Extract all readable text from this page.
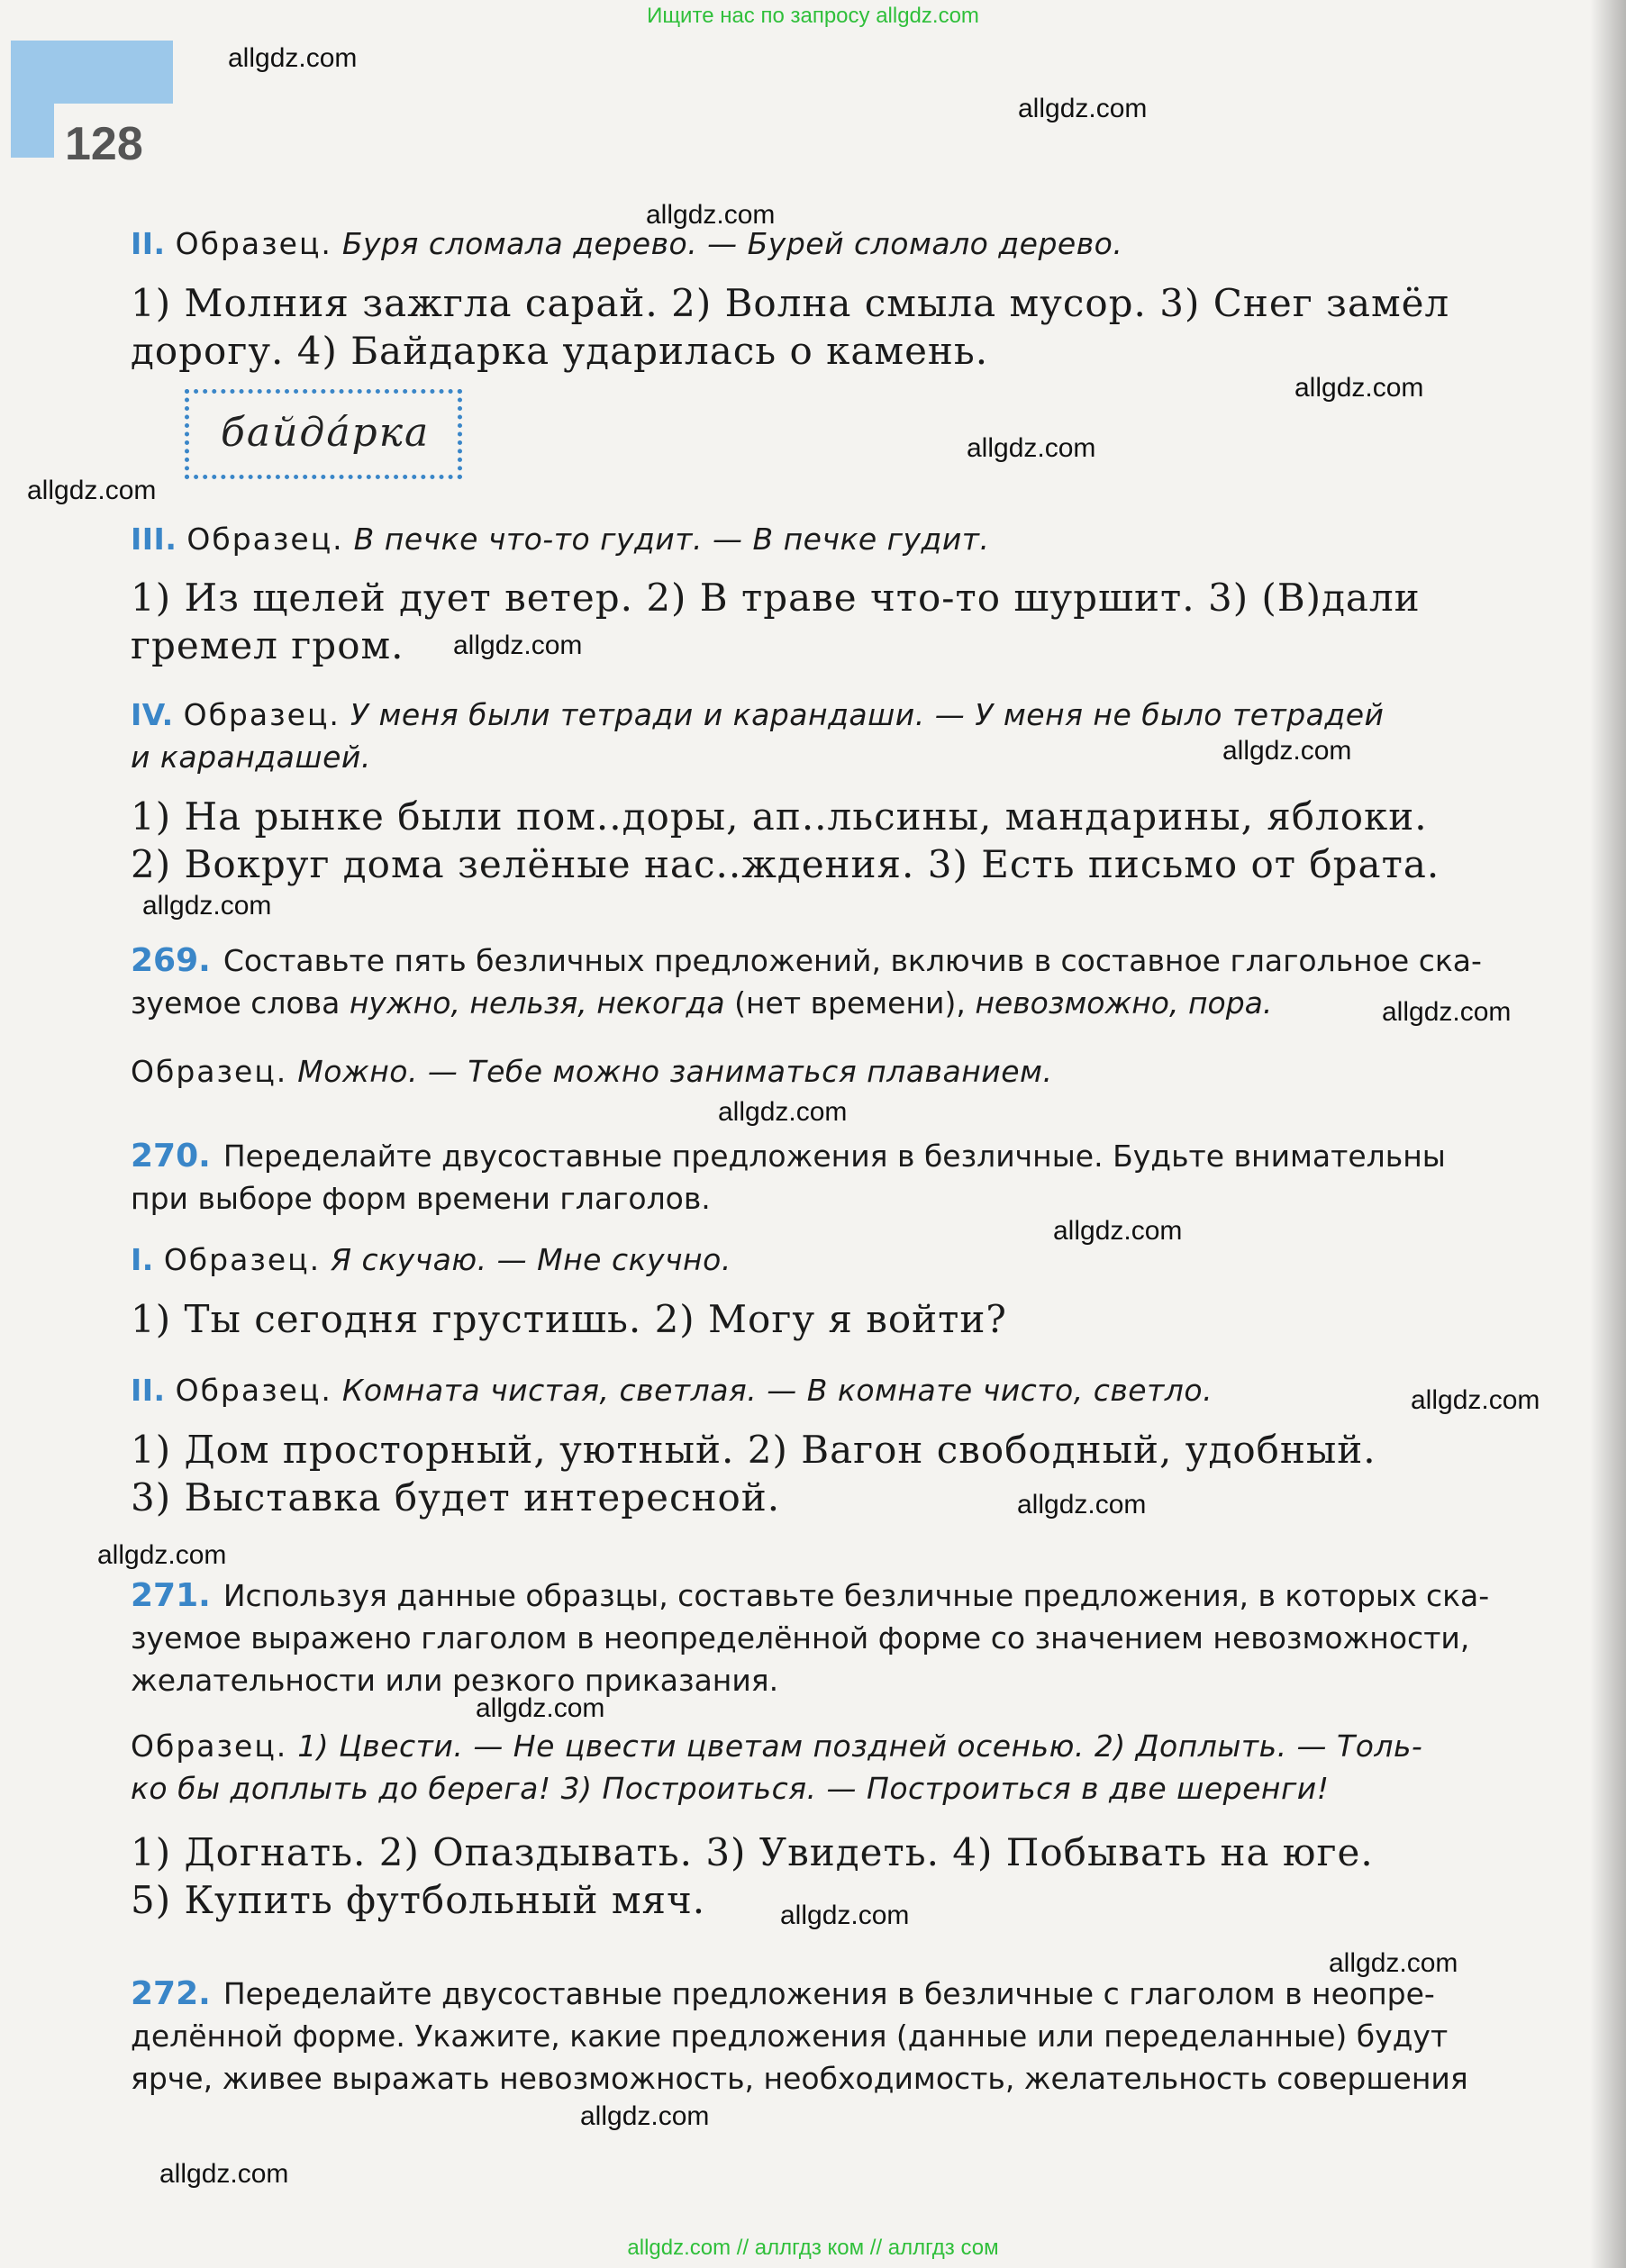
128
allgdz.com
allgdz.com
allgdz.com
allgdz.com
allgdz.com
allgdz.com
allgdz.com
allgdz.com
allgdz.com
allgdz.com
allgdz.com
allgdz.com
allgdz.com
allgdz.com
allgdz.com
allgdz.com
allgdz.com
allgdz.com
allgdz.com
allgdz.com
II. Образец. Буря сломала дерево. — Бурей сломало дерево.
1) Молния зажгла сарай. 2) Волна смыла мусор. 3) Снег замёл
дорогу. 4) Байдарка ударилась о камень.
байда́рка
III. Образец. В печке что-то гудит. — В печке гудит.
1) Из щелей дует ветер. 2) В траве что-то шуршит. 3) (В)дали
гремел гром.
IV. Образец. У меня были тетради и карандаши. — У меня не было тетрадей
и карандашей.
1) На рынке были пом..доры, ап..льсины, мандарины, яблоки.
2) Вокруг дома зелёные нас..ждения. 3) Есть письмо от брата.
269. Составьте пять безличных предложений, включив в составное глагольное ска-
зуемое слова нужно, нельзя, некогда (нет времени), невозможно, пора.
Образец. Можно. — Тебе можно заниматься плаванием.
270. Переделайте двусоставные предложения в безличные. Будьте внимательны
при выборе форм времени глаголов.
I. Образец. Я скучаю. — Мне скучно.
1) Ты сегодня грустишь. 2) Могу я войти?
II. Образец. Комната чистая, светлая. — В комнате чисто, светло.
1) Дом просторный, уютный. 2) Вагон свободный, удобный.
3) Выставка будет интересной.
271. Используя данные образцы, составьте безличные предложения, в которых ска-
зуемое выражено глаголом в неопределённой форме со значением невозможности,
желательности или резкого приказания.
Образец. 1) Цвести. — Не цвести цветам поздней осенью. 2) Доплыть. — Толь-
ко бы доплыть до берега! 3) Построиться. — Построиться в две шеренги!
1) Догнать. 2) Опаздывать. 3) Увидеть. 4) Побывать на юге.
5) Купить футбольный мяч.
272. Переделайте двусоставные предложения в безличные с глаголом в неопре-
делённой форме. Укажите, какие предложения (данные или переделанные) будут
ярче, живее выражать невозможность, необходимость, желательность совершения
Ищите нас по запросу allgdz.com
allgdz.com // аллгдз ком // аллгдз сом
